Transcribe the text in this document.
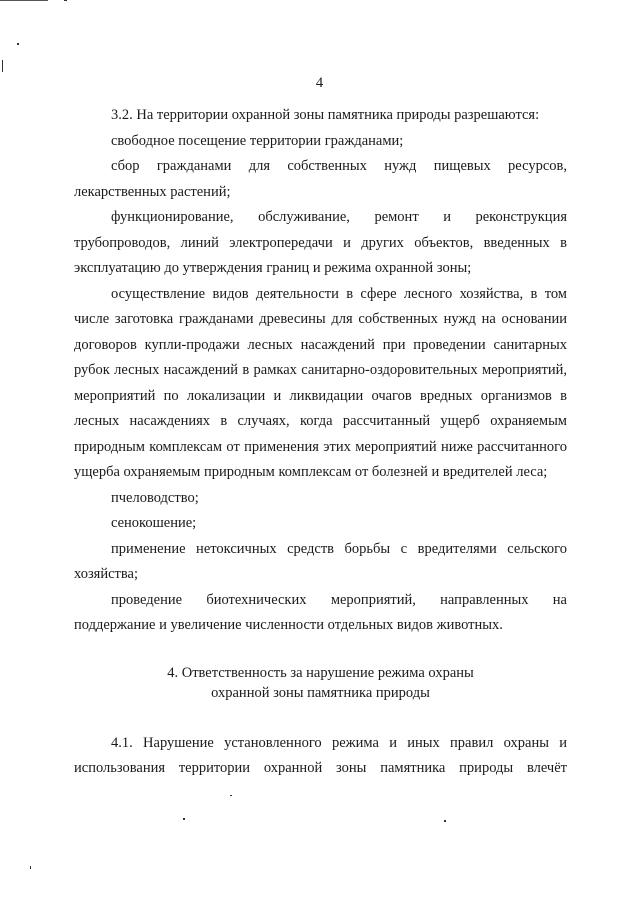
4

3.2. На территории охранной зоны памятника природы разрешаются:

свободное посещение территории гражданами;

сбор гражданами для собственных нужд пищевых ресурсов, лекарственных растений;

функционирование, обслуживание, ремонт и реконструкция трубопроводов, линий электропередачи и других объектов, введенных в эксплуатацию до утверждения границ и режима охранной зоны;

осуществление видов деятельности в сфере лесного хозяйства, в том числе заготовка гражданами древесины для собственных нужд на основании договоров купли-продажи лесных насаждений при проведении санитарных рубок лесных насаждений в рамках санитарно-оздоровительных мероприятий, мероприятий по локализации и ликвидации очагов вредных организмов в лесных насаждениях в случаях, когда рассчитанный ущерб охраняемым природным комплексам от применения этих мероприятий ниже рассчитанного ущерба охраняемым природным комплексам от болезней и вредителей леса;

пчеловодство;

сенокошение;

применение нетоксичных средств борьбы с вредителями сельского хозяйства;

проведение биотехнических мероприятий, направленных на поддержание и увеличение численности отдельных видов животных.

4. Ответственность за нарушение режима охраны
охранной зоны памятника природы

4.1. Нарушение установленного режима и иных правил охраны и использования территории охранной зоны памятника природы влечёт
